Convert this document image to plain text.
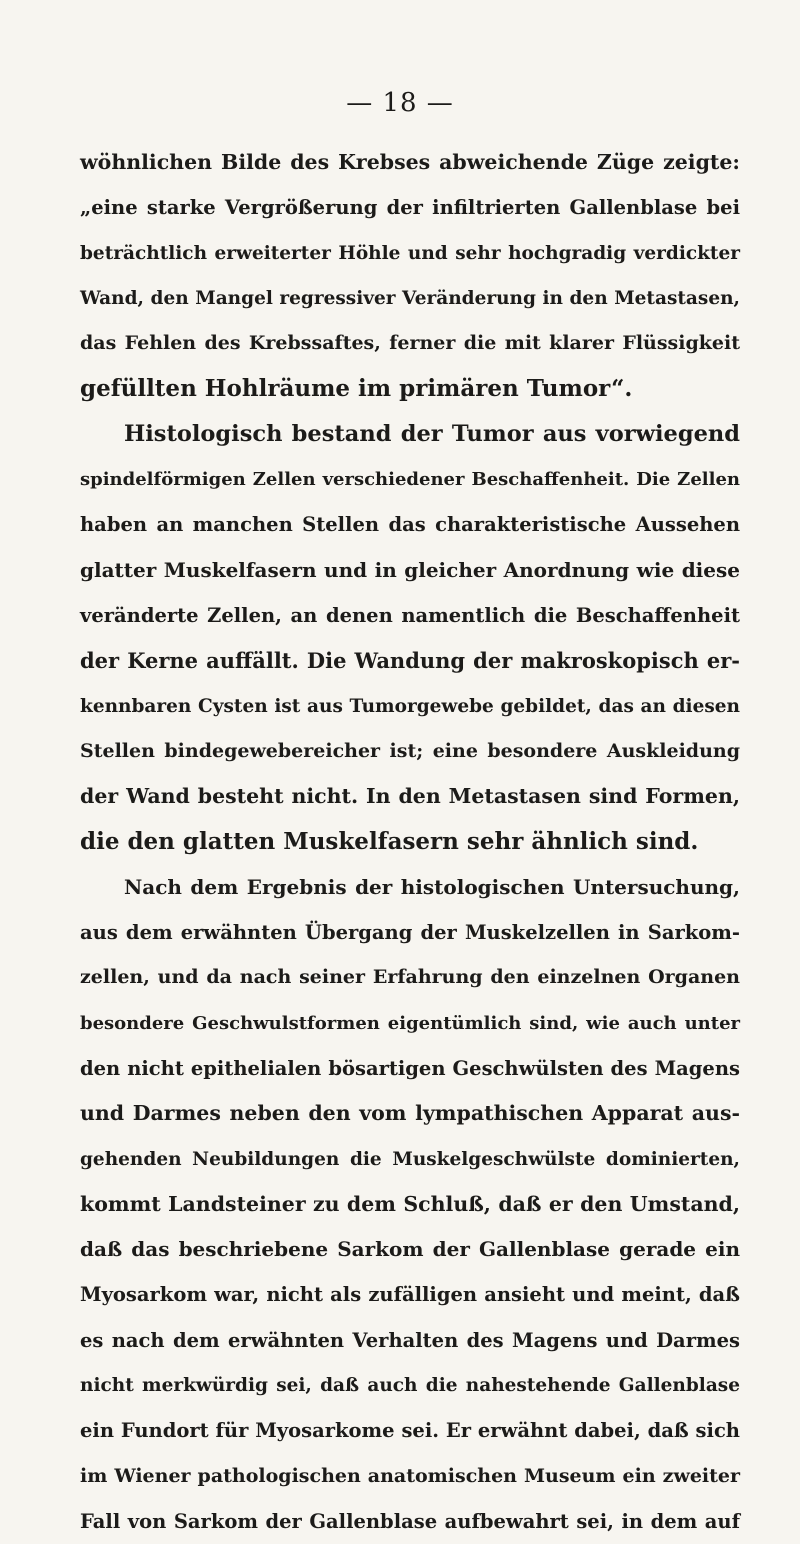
— 18 —
wöhnlichen Bilde des Krebses abweichende Züge zeigte:
„eine starke Vergrößerung der infiltrierten Gallenblase bei
beträchtlich erweiterter Höhle und sehr hochgradig verdickter
Wand, den Mangel regressiver Veränderung in den Metastasen,
das Fehlen des Krebssaftes, ferner die mit klarer Flüssigkeit
gefüllten Hohlräume im primären Tumor“.
Histologisch bestand der Tumor aus vorwiegend
spindelförmigen Zellen verschiedener Beschaffenheit. Die Zellen
haben an manchen Stellen das charakteristische Aussehen
glatter Muskelfasern und in gleicher Anordnung wie diese
veränderte Zellen, an denen namentlich die Beschaffenheit
der Kerne auffällt. Die Wandung der makroskopisch er-
kennbaren Cysten ist aus Tumorgewebe gebildet, das an diesen
Stellen bindegewebereicher ist; eine besondere Auskleidung
der Wand besteht nicht. In den Metastasen sind Formen,
die den glatten Muskelfasern sehr ähnlich sind.
Nach dem Ergebnis der histologischen Untersuchung,
aus dem erwähnten Übergang der Muskelzellen in Sarkom-
zellen, und da nach seiner Erfahrung den einzelnen Organen
besondere Geschwulstformen eigentümlich sind, wie auch unter
den nicht epithelialen bösartigen Geschwülsten des Magens
und Darmes neben den vom lympathischen Apparat aus-
gehenden Neubildungen die Muskelgeschwülste dominierten,
kommt Landsteiner zu dem Schluß, daß er den Umstand,
daß das beschriebene Sarkom der Gallenblase gerade ein
Myosarkom war, nicht als zufälligen ansieht und meint, daß
es nach dem erwähnten Verhalten des Magens und Darmes
nicht merkwürdig sei, daß auch die nahestehende Gallenblase
ein Fundort für Myosarkome sei. Er erwähnt dabei, daß sich
im Wiener pathologischen anatomischen Museum ein zweiter
Fall von Sarkom der Gallenblase aufbewahrt sei, in dem auf
